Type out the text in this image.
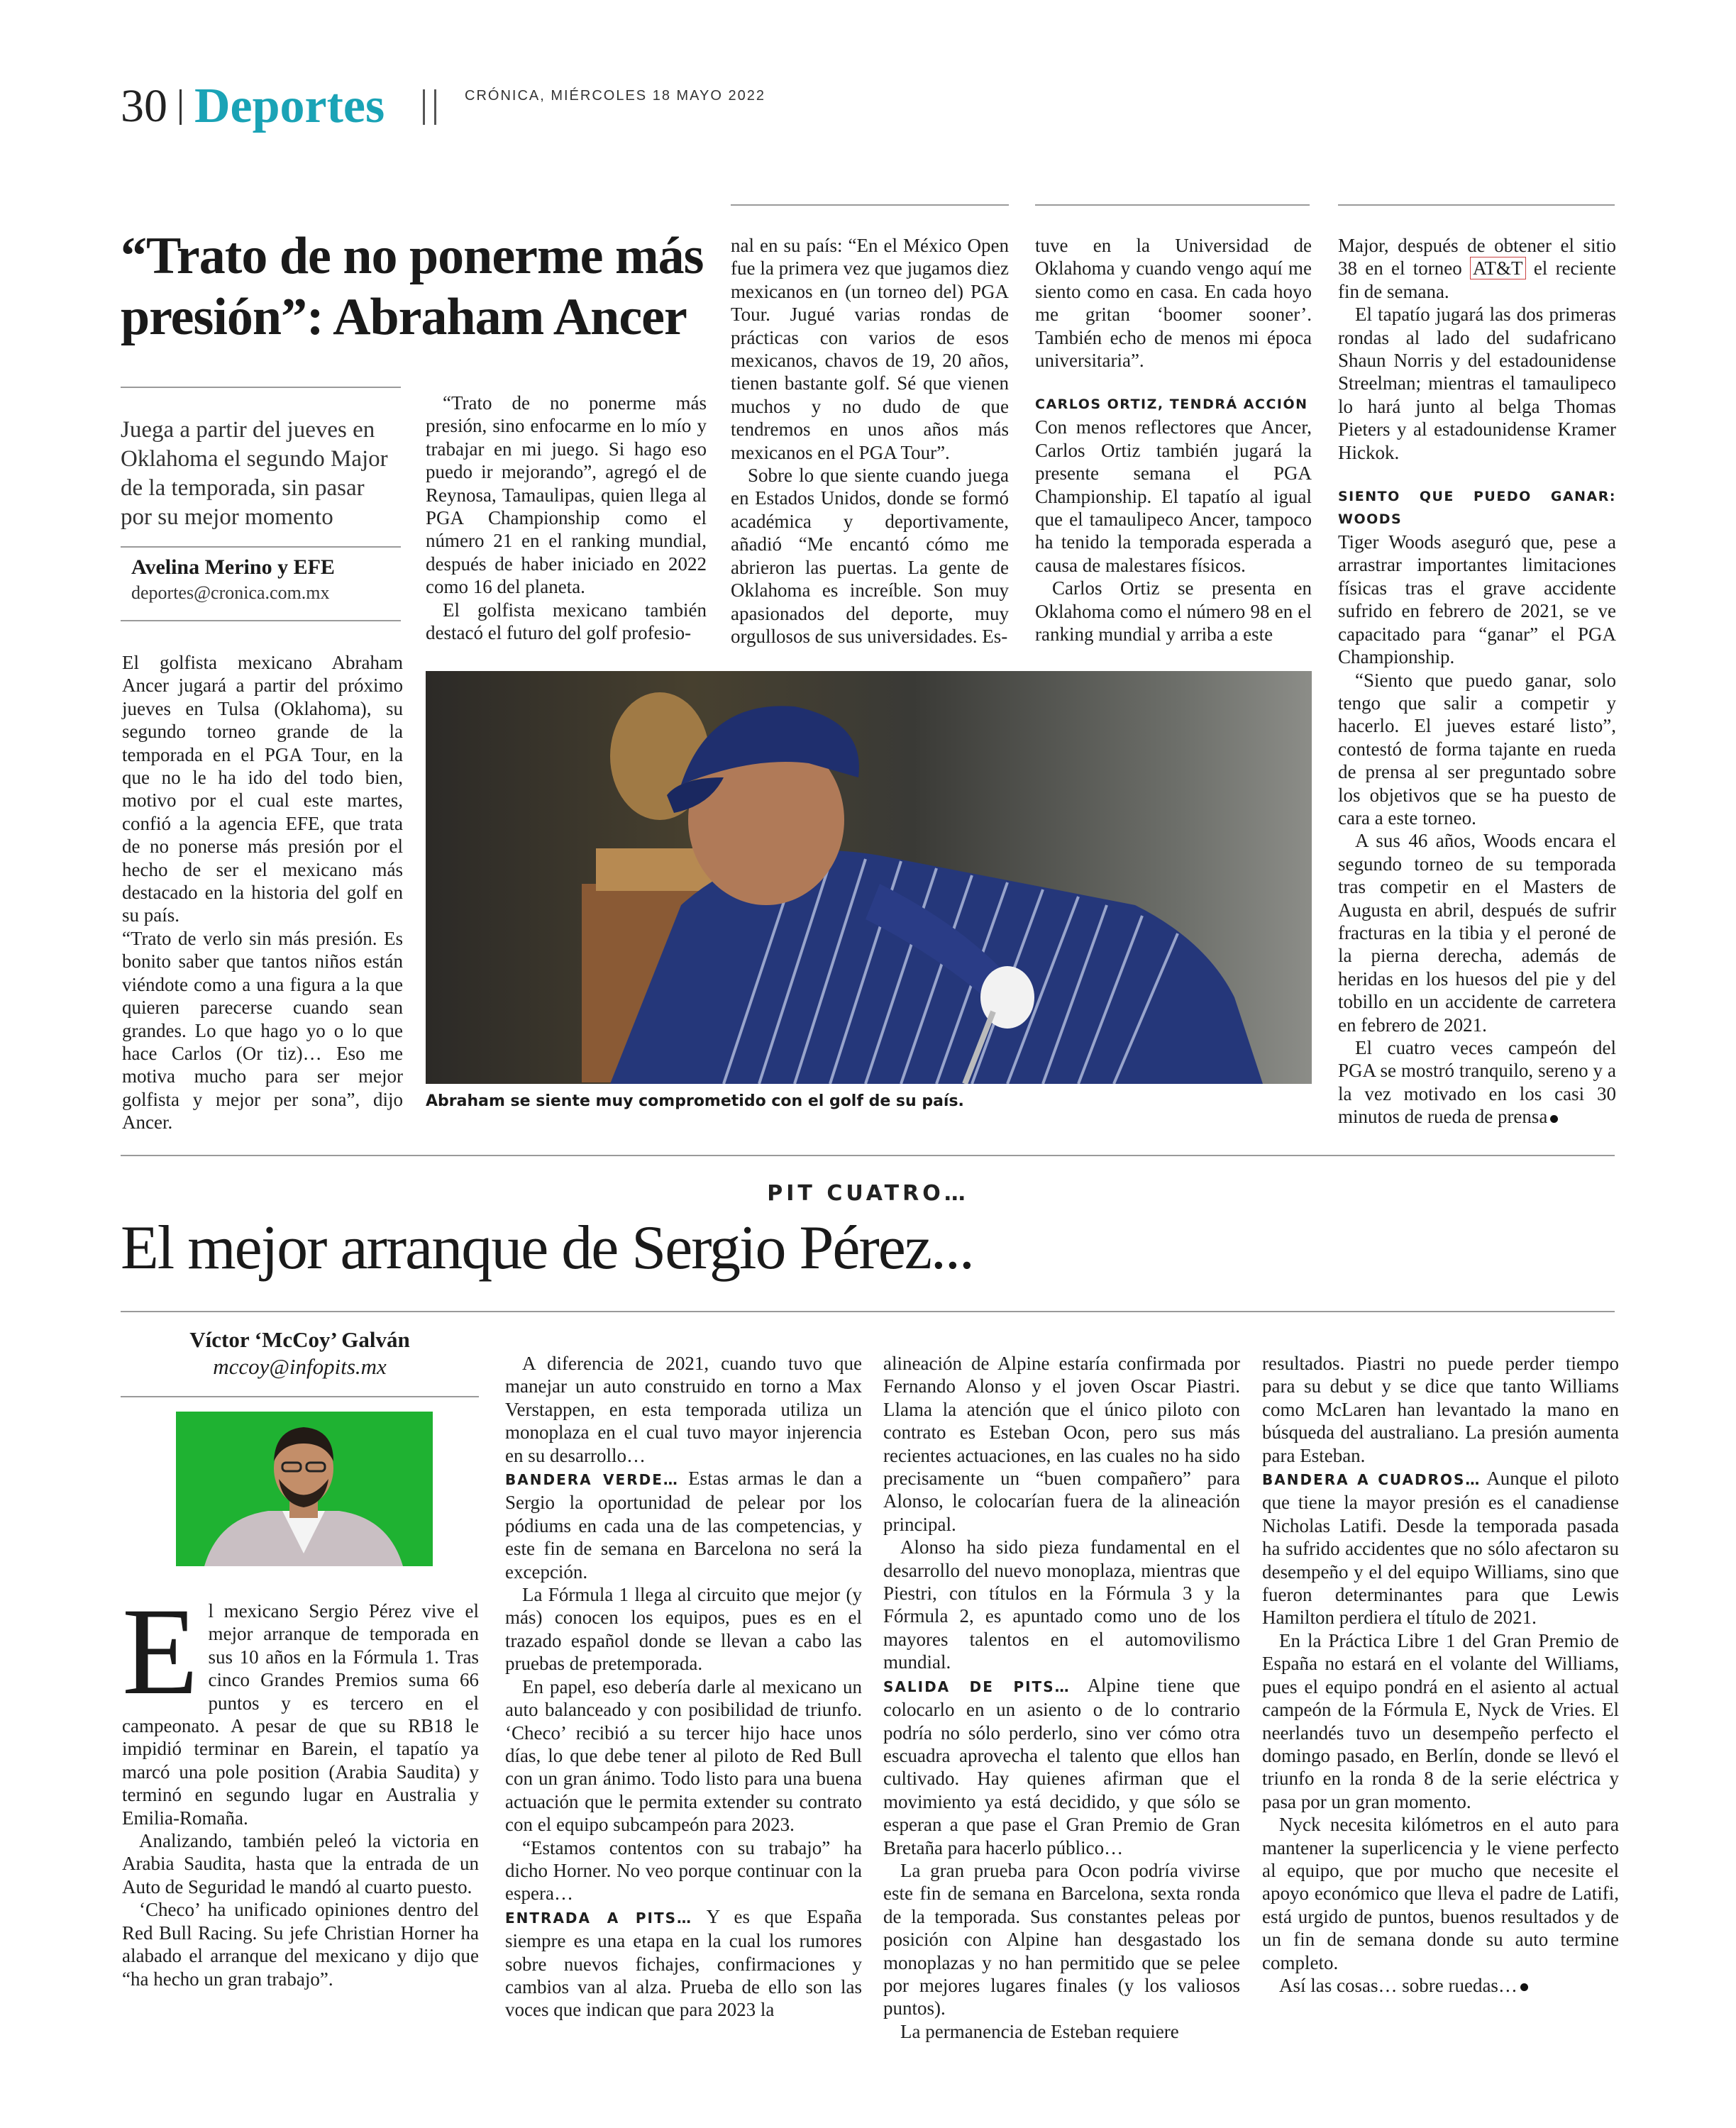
30 Deportes	CRÓNICA, MIÉRCOLES 18 MAYO 2022
“Trato de no ponerme más presión”: Abraham Ancer
Juega a partir del jueves en Oklahoma el segundo Major de la temporada, sin pasar por su mejor momento
Avelina Merino y EFE
deportes@cronica.com.mx

El golfista mexicano Abraham Ancer jugará a partir del próximo jueves en Tulsa (Oklahoma), su segundo torneo grande de la temporada en el PGA Tour, en la que no le ha ido del todo bien, motivo por el cual este martes, confió a la agencia EFE, que trata de no ponerse más presión por el hecho de ser el mexicano más destacado en la historia del golf en su país.

“Trato de verlo sin más presión. Es bonito saber que tantos niños están viéndote como a una figura a la que quieren parecerse cuando sean grandes. Lo que hago yo o lo que hace Carlos (Or tiz)… Eso me motiva mucho para ser mejor golfista y mejor per sona”, dijo Ancer.

“Trato de no ponerme más presión, sino enfocarme en lo mío y trabajar en mi juego. Si hago eso puedo ir mejorando”, agregó el de Reynosa, Tamaulipas, quien llega al PGA Championship como el número 21 en el ranking mundial, después de haber iniciado en 2022 como 16 del planeta.

El golfista mexicano también destacó el futuro del golf profesio-

nal en su país: “En el México Open fue la primera vez que jugamos diez mexicanos en (un torneo del) PGA Tour. Jugué varias rondas de prácticas con varios de esos mexicanos, chavos de 19, 20 años, tienen bastante golf. Sé que vienen muchos y no dudo de que tendremos en unos años más mexicanos en el PGA Tour”.

Sobre lo que siente cuando juega en Estados Unidos, donde se formó académica y deportivamente, añadió “Me encantó cómo me abrieron las puertas. La gente de Oklahoma es increíble. Son muy apasionados del deporte, muy orgullosos de sus universidades. Es-

tuve en la Universidad de Oklahoma y cuando vengo aquí me siento como en casa. En cada hoyo me gritan ‘boomer sooner’. También echo de menos mi época universitaria”.

CARLOS ORTIZ, TENDRÁ ACCIÓN

Con menos reflectores que Ancer, Carlos Ortiz también jugará la presente semana el PGA Championship. El tapatío al igual que el tamaulipeco Ancer, tampoco ha tenido la temporada esperada a causa de malestares físicos.

Carlos Ortiz se presenta en Oklahoma como el número 98 en el ranking mundial y arriba a este

Major, después de obtener el sitio 38 en el torneo AT&T el reciente fin de semana.

El tapatío jugará las dos primeras rondas al lado del sudafricano Shaun Norris y del estadounidense Streelman; mientras el tamaulipeco lo hará junto al belga Thomas Pieters y al estadounidense Kramer Hickok.

SIENTO QUE PUEDO GANAR: WOODS

Tiger Woods aseguró que, pese a arrastrar importantes limitaciones físicas tras el grave accidente sufrido en febrero de 2021, se ve capacitado para “ganar” el PGA Championship.

“Siento que puedo ganar, solo tengo que salir a competir y hacerlo. El jueves estaré listo”, contestó de forma tajante en rueda de prensa al ser preguntado sobre los objetivos que se ha puesto de cara a este torneo.

A sus 46 años, Woods encara el segundo torneo de su temporada tras competir en el Masters de Augusta en abril, después de sufrir fracturas en la tibia y el peroné de la pierna derecha, además de heridas en los huesos del pie y del tobillo en un accidente de carretera en febrero de 2021.

El cuatro veces campeón del PGA se mostró tranquilo, sereno y a la vez motivado en los casi 30 minutos de rueda de prensa

Abraham se siente muy comprometido con el golf de su país.
PIT CUATRO…
El mejor arranque de Sergio Pérez...
Víctor ‘McCoy’ Galván
mccoy@infopits.mx

El mexicano Sergio Pérez vive el mejor arranque de temporada en sus 10 años en la Fórmula 1. Tras cinco Grandes Premios suma 66 puntos y es tercero en el campeonato. A pesar de que su RB18 le impidió terminar en Barein, el tapatío ya marcó una pole position (Arabia Saudita) y terminó en segundo lugar en Australia y Emilia-Romaña.

Analizando, también peleó la victoria en Arabia Saudita, hasta que la entrada de un Auto de Seguridad le mandó al cuarto puesto.

‘Checo’ ha unificado opiniones dentro del Red Bull Racing. Su jefe Christian Horner ha alabado el arranque del mexicano y dijo que “ha hecho un gran trabajo”.

A diferencia de 2021, cuando tuvo que manejar un auto construido en torno a Max Verstappen, en esta temporada utiliza un monoplaza en el cual tuvo mayor injerencia en su desarrollo…

BANDERA VERDE… Estas armas le dan a Sergio la oportunidad de pelear por los pódiums en cada una de las competencias, y este fin de semana en Barcelona no será la excepción.

La Fórmula 1 llega al circuito que mejor (y más) conocen los equipos, pues es en el trazado español donde se llevan a cabo las pruebas de pretemporada.

En papel, eso debería darle al mexicano un auto balanceado y con posibilidad de triunfo. ‘Checo’ recibió a su tercer hijo hace unos días, lo que debe tener al piloto de Red Bull con un gran ánimo. Todo listo para una buena actuación que le permita extender su contrato con el equipo subcampeón para 2023.

“Estamos contentos con su trabajo” ha dicho Horner. No veo porque continuar con la espera…

ENTRADA A PITS… Y es que España siempre es una etapa en la cual los rumores sobre nuevos fichajes, confirmaciones y cambios van al alza. Prueba de ello son las voces que indican que para 2023 la

alineación de Alpine estaría confirmada por Fernando Alonso y el joven Oscar Piastri. Llama la atención que el único piloto con contrato es Esteban Ocon, pero sus más recientes actuaciones, en las cuales no ha sido precisamente un “buen compañero” para Alonso, le colocarían fuera de la alineación principal.

Alonso ha sido pieza fundamental en el desarrollo del nuevo monoplaza, mientras que Piestri, con títulos en la Fórmula 3 y la Fórmula 2, es apuntado como uno de los mayores talentos en el automovilismo mundial.

SALIDA DE PITS… Alpine tiene que colocarlo en un asiento o de lo contrario podría no sólo perderlo, sino ver cómo otra escuadra aprovecha el talento que ellos han cultivado. Hay quienes afirman que el movimiento ya está decidido, y que sólo se esperan a que pase el Gran Premio de Gran Bretaña para hacerlo público…

La gran prueba para Ocon podría vivirse este fin de semana en Barcelona, sexta ronda de la temporada. Sus constantes peleas por posición con Alpine han desgastado los monoplazas y no han permitido que se pelee por mejores lugares finales (y los valiosos puntos).

La permanencia de Esteban requiere

resultados. Piastri no puede perder tiempo para su debut y se dice que tanto Williams como McLaren han levantado la mano en búsqueda del australiano. La presión aumenta para Esteban.

BANDERA A CUADROS… Aunque el piloto que tiene la mayor presión es el canadiense Nicholas Latifi. Desde la temporada pasada ha sufrido accidentes que no sólo afectaron su desempeño y el del equipo Williams, sino que fueron determinantes para que Lewis Hamilton perdiera el título de 2021.

En la Práctica Libre 1 del Gran Premio de España no estará en el volante del Williams, pues el equipo pondrá en el asiento al actual campeón de la Fórmula E, Nyck de Vries. El neerlandés tuvo un desempeño perfecto el domingo pasado, en Berlín, donde se llevó el triunfo en la ronda 8 de la serie eléctrica y pasa por un gran momento.

Nyck necesita kilómetros en el auto para mantener la superlicencia y le viene perfecto al equipo, que por mucho que necesite el apoyo económico que lleva el padre de Latifi, está urgido de puntos, buenos resultados y de un fin de semana donde su auto termine completo.

Así las cosas… sobre ruedas…
